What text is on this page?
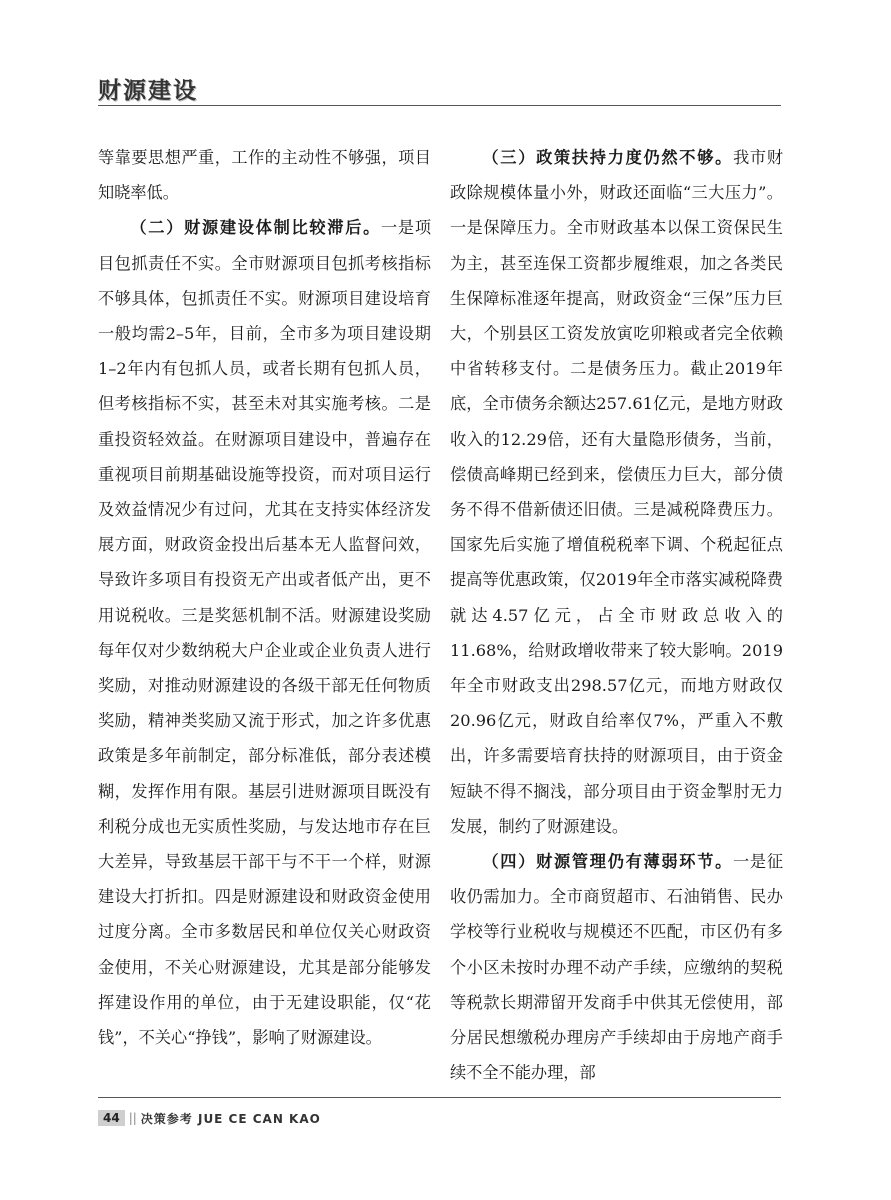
财源建设

等靠要思想严重，工作的主动性不够强，项目知晓率低。

（二）财源建设体制比较滞后。一是项目包抓责任不实。全市财源项目包抓考核指标不够具体，包抓责任不实。财源项目建设培育一般均需2–5年，目前，全市多为项目建设期1–2年内有包抓人员，或者长期有包抓人员，但考核指标不实，甚至未对其实施考核。二是重投资轻效益。在财源项目建设中，普遍存在重视项目前期基础设施等投资，而对项目运行及效益情况少有过问，尤其在支持实体经济发展方面，财政资金投出后基本无人监督问效，导致许多项目有投资无产出或者低产出，更不用说税收。三是奖惩机制不活。财源建设奖励每年仅对少数纳税大户企业或企业负责人进行奖励，对推动财源建设的各级干部无任何物质奖励，精神类奖励又流于形式，加之许多优惠政策是多年前制定，部分标准低，部分表述模糊，发挥作用有限。基层引进财源项目既没有利税分成也无实质性奖励，与发达地市存在巨大差异，导致基层干部干与不干一个样，财源建设大打折扣。四是财源建设和财政资金使用过度分离。全市多数居民和单位仅关心财政资金使用，不关心财源建设，尤其是部分能够发挥建设作用的单位，由于无建设职能，仅“花钱”，不关心“挣钱”，影响了财源建设。

（三）政策扶持力度仍然不够。我市财政除规模体量小外，财政还面临“三大压力”。一是保障压力。全市财政基本以保工资保民生为主，甚至连保工资都步履维艰，加之各类民生保障标准逐年提高，财政资金“三保”压力巨大，个别县区工资发放寅吃卯粮或者完全依赖中省转移支付。二是债务压力。截止2019年底，全市债务余额达257.61亿元，是地方财政收入的12.29倍，还有大量隐形债务，当前，偿债高峰期已经到来，偿债压力巨大，部分债务不得不借新债还旧债。三是减税降费压力。国家先后实施了增值税税率下调、个税起征点提高等优惠政策，仅2019年全市落实减税降费就达4.57亿元，占全市财政总收入的11.68%，给财政增收带来了较大影响。2019年全市财政支出298.57亿元，而地方财政仅20.96亿元，财政自给率仅7%，严重入不敷出，许多需要培育扶持的财源项目，由于资金短缺不得不搁浅，部分项目由于资金掣肘无力发展，制约了财源建设。

（四）财源管理仍有薄弱环节。一是征收仍需加力。全市商贸超市、石油销售、民办学校等行业税收与规模还不匹配，市区仍有多个小区未按时办理不动产手续，应缴纳的契税等税款长期滞留开发商手中供其无偿使用，部分居民想缴税办理房产手续却由于房地产商手续不全不能办理，部

44 || 决策参考 JUE CE CAN KAO
